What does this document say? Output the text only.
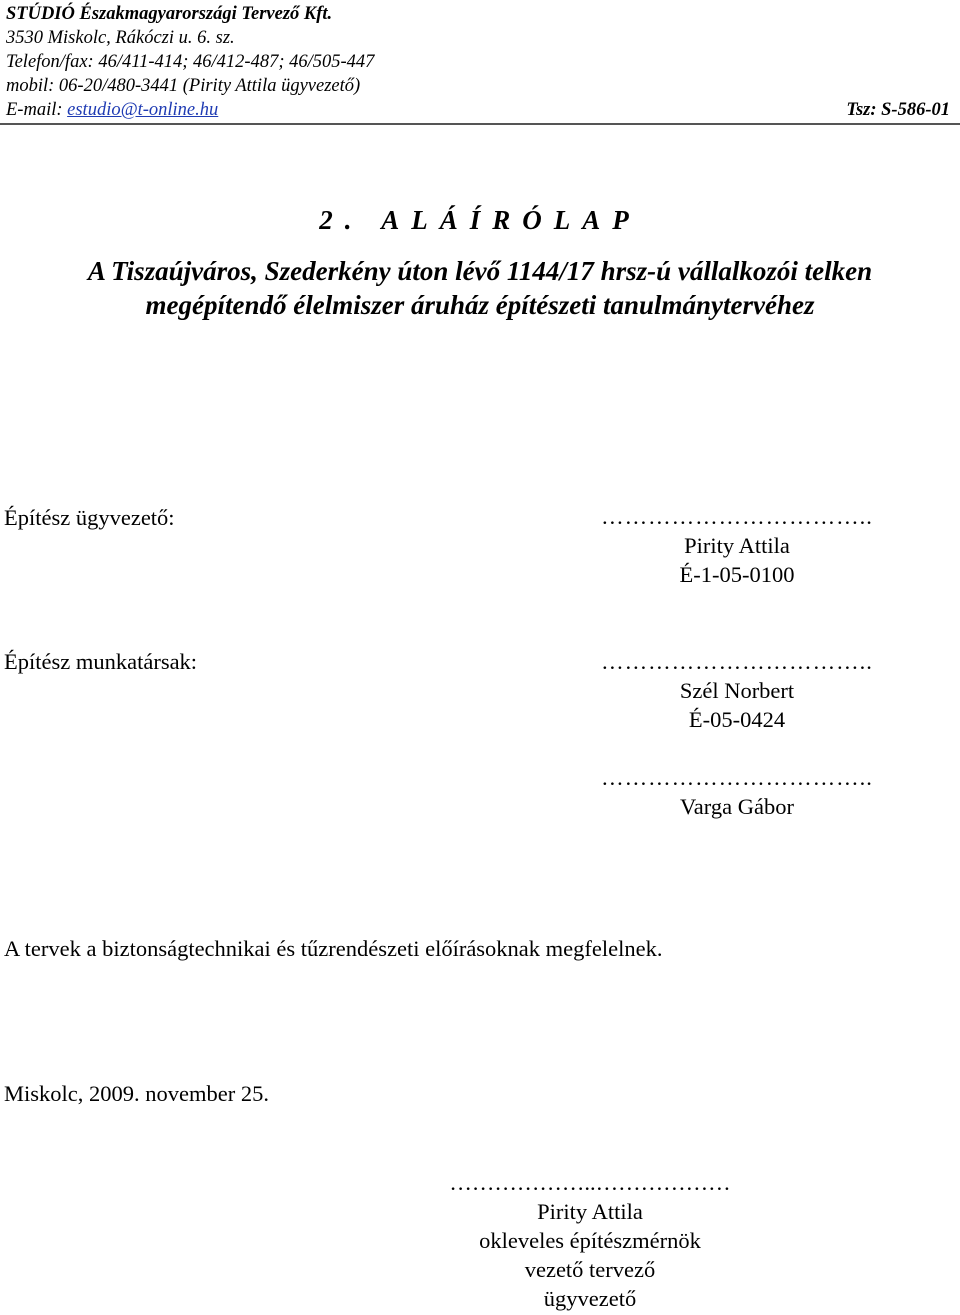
STÚDIÓ Északmagyarországi Tervező Kft.
3530 Miskolc, Rákóczi u. 6. sz.
Telefon/fax: 46/411-414; 46/412-487; 46/505-447
mobil: 06-20/480-3441 (Pirity Attila ügyvezető)
E-mail: estudio@t-online.hu	Tsz: S-586-01
2. ALÁÍRÓLAP
A Tiszaújváros, Szederkény úton lévő 1144/17 hrsz-ú vállalkozói telken
megépítendő élelmiszer áruház építészeti tanulmánytervéhez
Építész ügyvezető:	……………………………..
Pirity Attila
É-1-05-0100
Építész munkatársak:	……………………………..
Szél Norbert
É-05-0424
……………………………..
Varga Gábor
A tervek a biztonságtechnikai és tűzrendészeti előírásoknak megfelelnek.
Miskolc, 2009. november 25.
………………..………………
Pirity Attila
okleveles építészmérnök
vezető tervező
ügyvezető
